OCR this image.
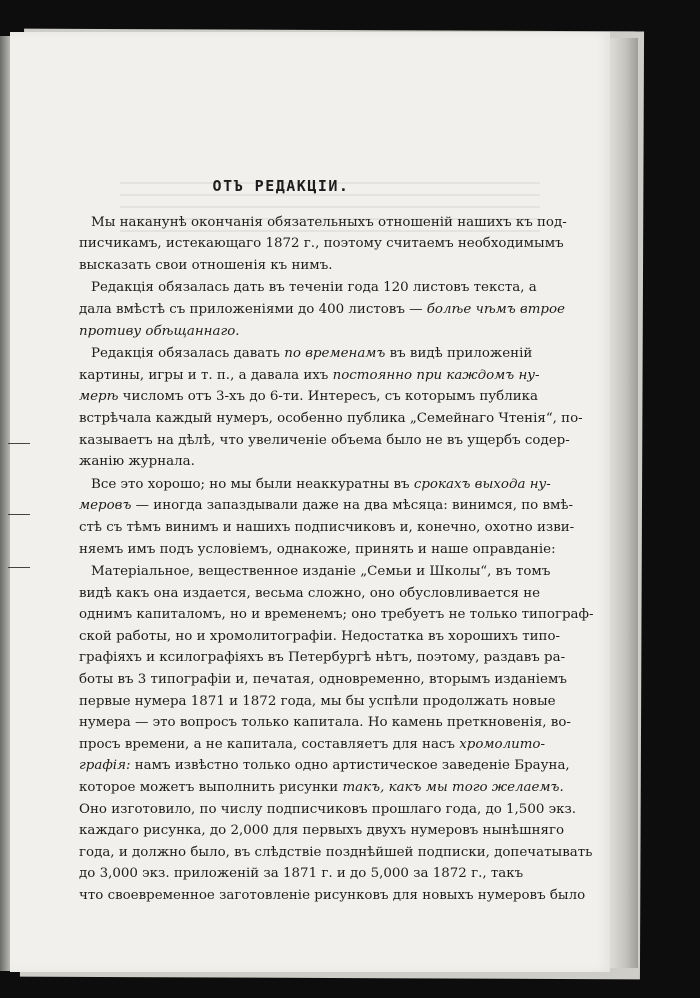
ОТЪ РЕДАКЦІИ.
Мы наканунѣ окончанія обязательныхъ отношеній нашихъ къ под-
писчикамъ, истекающаго 1872 г., поэтому считаемъ необходимымъ
высказать свои отношенія къ нимъ.
Редакція обязалась дать въ теченіи года 120 листовъ текста, а
дала вмѣстѣ съ приложеніями до 400 листовъ — болѣе чѣмъ втрое
противу обѣщаннаго.
Редакція обязалась давать по временамъ въ видѣ приложеній
картины, игры и т. п., а давала ихъ постоянно при каждомъ ну-
мерѣ числомъ отъ 3-хъ до 6-ти. Интересъ, съ которымъ публика
встрѣчала каждый нумеръ, особенно публика „Семейнаго Чтенія“, по-
казываетъ на дѣлѣ, что увеличеніе объема было не въ ущербъ содер-
жанію журнала.
Все это хорошо; но мы были неаккуратны въ срокахъ выхода ну-
меровъ — иногда запаздывали даже на два мѣсяца: винимся, по вмѣ-
стѣ съ тѣмъ винимъ и нашихъ подписчиковъ и, конечно, охотно изви-
няемъ имъ подъ условіемъ, однакоже, принять и наше оправданіе:
Матеріальное, вещественное изданіе „Семьи и Школы“, въ томъ
видѣ какъ она издается, весьма сложно, оно обусловливается не
однимъ капиталомъ, но и временемъ; оно требуетъ не только типограф-
ской работы, но и хромолитографіи. Недостатка въ хорошихъ типо-
графіяхъ и ксилографіяхъ въ Петербургѣ нѣтъ, поэтому, раздавъ ра-
боты въ 3 типографіи и, печатая, одновременно, вторымъ изданіемъ
первые нумера 1871 и 1872 года, мы бы успѣли продолжать новые
нумера — это вопросъ только капитала. Но камень преткновенія, во-
просъ времени, а не капитала, составляетъ для насъ хромолито-
графія: намъ извѣстно только одно артистическое заведеніе Брауна,
которое можетъ выполнить рисунки такъ, какъ мы того желаемъ.
Оно изготовило, по числу подписчиковъ прошлаго года, до 1,500 экз.
каждаго рисунка, до 2,000 для первыхъ двухъ нумеровъ нынѣшняго
года, и должно было, въ слѣдствіе позднѣйшей подписки, допечатывать
до 3,000 экз. приложеній за 1871 г. и до 5,000 за 1872 г., такъ
что своевременное заготовленіе рисунковъ для новыхъ нумеровъ было
